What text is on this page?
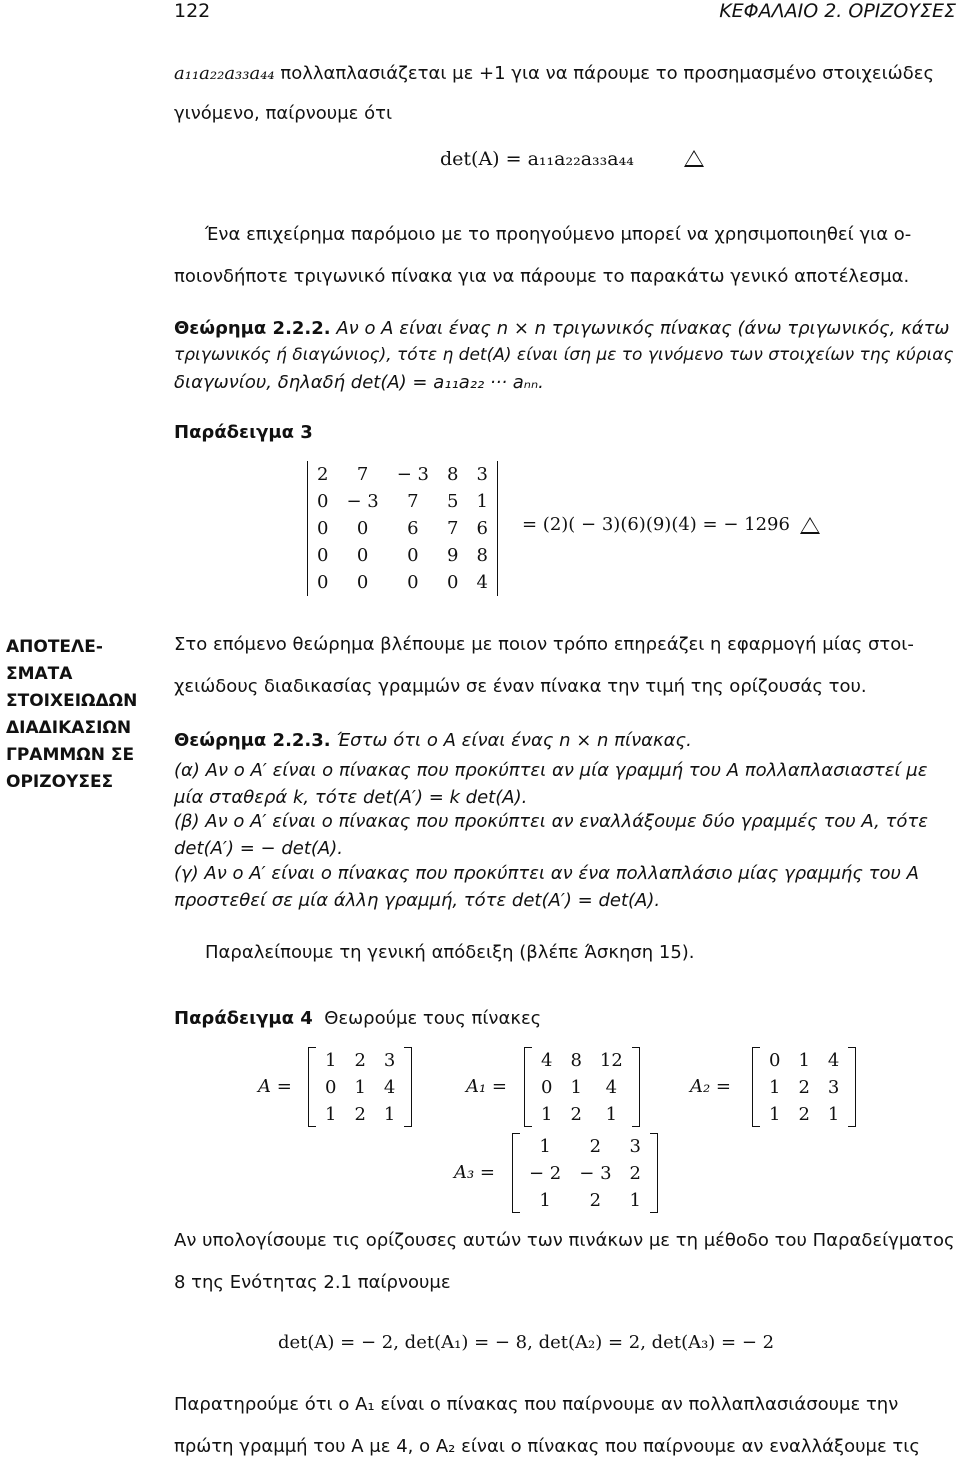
122	ΚΕΦΑΛΑΙΟ 2. ΟΡΙΖΟΥΣΕΣ
a₁₁a₂₂a₃₃a₄₄ πολλαπλασιάζεται με +1 για να πάρουμε το προσημασμένο στοιχειώδες
γινόμενο, παίρνουμε ότι
det(A) = a₁₁a₂₂a₃₃a₄₄
Ένα επιχείρημα παρόμοιο με το προηγούμενο μπορεί να χρησιμοποιηθεί για ο-
ποιονδήποτε τριγωνικό πίνακα για να πάρουμε το παρακάτω γενικό αποτέλεσμα.
Θεώρημα 2.2.2. Αν ο A είναι ένας n × n τριγωνικός πίνακας (άνω τριγωνικός, κάτω
τριγωνικός ή διαγώνιος), τότε η det(A) είναι ίση με το γινόμενο των στοιχείων της κύριας
διαγωνίου, δηλαδή det(A) = a₁₁a₂₂ ··· aₙₙ.
Παράδειγμα 3
2	7	− 3	8	3
0	− 3	7	5	1
0	0	6	7	6
0	0	0	9	8
0	0	0	0	4
= (2)( − 3)(6)(9)(4) = − 1296
ΑΠΟΤΕΛΕ-
ΣΜΑΤΑ
ΣΤΟΙΧΕΙΩΔΩΝ
ΔΙΑΔΙΚΑΣΙΩΝ
ΓΡΑΜΜΩΝ ΣΕ
ΟΡΙΖΟΥΣΕΣ
Στο επόμενο θεώρημα βλέπουμε με ποιον τρόπο επηρεάζει η εφαρμογή μίας στοι-
χειώδους διαδικασίας γραμμών σε έναν πίνακα την τιμή της ορίζουσάς του.
Θεώρημα 2.2.3. Έστω ότι ο A είναι ένας n × n πίνακας.
(α) Αν ο A′ είναι ο πίνακας που προκύπτει αν μία γραμμή του A πολλαπλασιαστεί με
μία σταθερά k, τότε det(A′) = k det(A).
(β) Αν ο A′ είναι ο πίνακας που προκύπτει αν εναλλάξουμε δύο γραμμές του A, τότε
det(A′) = − det(A).
(γ) Αν ο A′ είναι ο πίνακας που προκύπτει αν ένα πολλαπλάσιο μίας γραμμής του A
προστεθεί σε μία άλλη γραμμή, τότε det(A′) = det(A).
Παραλείπουμε τη γενική απόδειξη (βλέπε Άσκηση 15).
Παράδειγμα 4 Θεωρούμε τους πίνακες
A =
1	2	3
0	1	4
1	2	1
A₁ =
4	8	12
0	1	4
1	2	1
A₂ =
0	1	4
1	2	3
1	2	1
A₃ =
1	2	3
− 2	− 3	2
1	2	1
Αν υπολογίσουμε τις ορίζουσες αυτών των πινάκων με τη μέθοδο του Παραδείγματος
8 της Ενότητας 2.1 παίρνουμε
det(A) = − 2, det(A₁) = − 8, det(A₂) = 2, det(A₃) = − 2
Παρατηρούμε ότι ο A₁ είναι ο πίνακας που παίρνουμε αν πολλαπλασιάσουμε την
πρώτη γραμμή του A με 4, ο A₂ είναι ο πίνακας που παίρνουμε αν εναλλάξουμε τις
